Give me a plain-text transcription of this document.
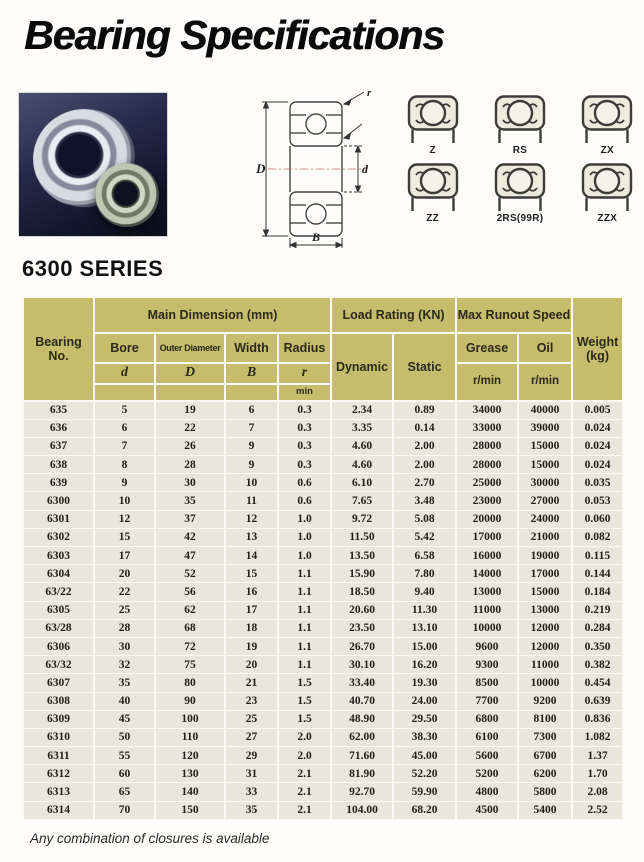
Bearing Specifications
D	d
B
r
Z	RS	ZX
ZZ	2RS(99R)	ZZX
6300 SERIES
Bearing No.	Main Dimension (mm)				Load Rating (KN)		Max Runout Speed		Weight (kg)
	Bore	Outer Diameter	Width	Radius	Dynamic	Static	Grease	Oil	
	d	D	B	r			r/min	r/min	
				min					
635	5	19	6	0.3	2.34	0.89	34000	40000	0.005
636	6	22	7	0.3	3.35	0.14	33000	39000	0.024
637	7	26	9	0.3	4.60	2.00	28000	15000	0.024
638	8	28	9	0.3	4.60	2.00	28000	15000	0.024
639	9	30	10	0.6	6.10	2.70	25000	30000	0.035
6300	10	35	11	0.6	7.65	3.48	23000	27000	0.053
6301	12	37	12	1.0	9.72	5.08	20000	24000	0.060
6302	15	42	13	1.0	11.50	5.42	17000	21000	0.082
6303	17	47	14	1.0	13.50	6.58	16000	19000	0.115
6304	20	52	15	1.1	15.90	7.80	14000	17000	0.144
63/22	22	56	16	1.1	18.50	9.40	13000	15000	0.184
6305	25	62	17	1.1	20.60	11.30	11000	13000	0.219
63/28	28	68	18	1.1	23.50	13.10	10000	12000	0.284
6306	30	72	19	1.1	26.70	15.00	9600	12000	0.350
63/32	32	75	20	1.1	30.10	16.20	9300	11000	0.382
6307	35	80	21	1.5	33.40	19.30	8500	10000	0.454
6308	40	90	23	1.5	40.70	24.00	7700	9200	0.639
6309	45	100	25	1.5	48.90	29.50	6800	8100	0.836
6310	50	110	27	2.0	62.00	38.30	6100	7300	1.082
6311	55	120	29	2.0	71.60	45.00	5600	6700	1.37
6312	60	130	31	2.1	81.90	52.20	5200	6200	1.70
6313	65	140	33	2.1	92.70	59.90	4800	5800	2.08
6314	70	150	35	2.1	104.00	68.20	4500	5400	2.52

Any combination of closures is available
